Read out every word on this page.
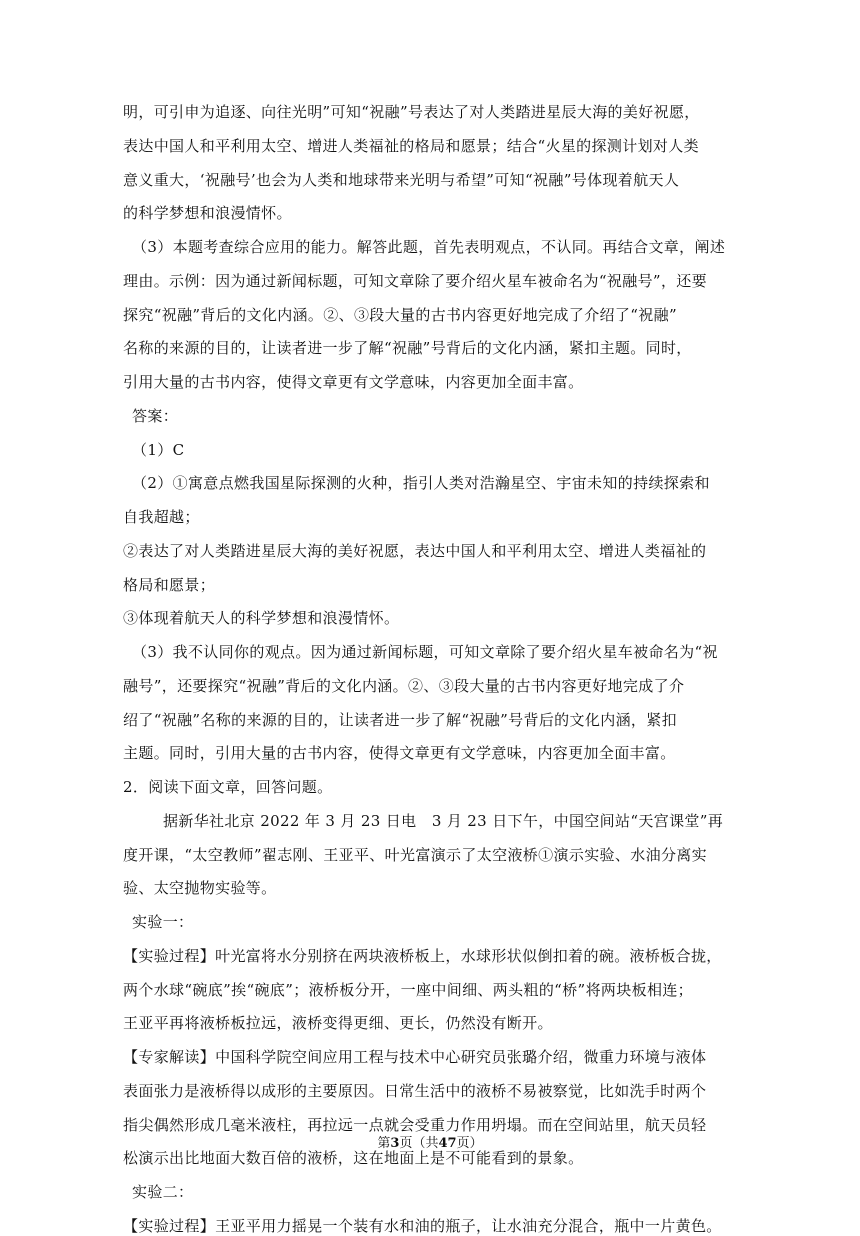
明，可引申为追逐、向往光明”可知“祝融”号表达了对人类踏进星辰大海的美好祝愿，
表达中国人和平利用太空、增进人类福祉的格局和愿景；结合“火星的探测计划对人类
意义重大，‘祝融号’也会为人类和地球带来光明与希望”可知“祝融”号体现着航天人
的科学梦想和浪漫情怀。
（3）本题考查综合应用的能力。解答此题，首先表明观点，不认同。再结合文章，阐述
理由。示例：因为通过新闻标题，可知文章除了要介绍火星车被命名为“祝融号”，还要
探究“祝融”背后的文化内涵。②、③段大量的古书内容更好地完成了介绍了“祝融”
名称的来源的目的，让读者进一步了解“祝融”号背后的文化内涵，紧扣主题。同时，
引用大量的古书内容，使得文章更有文学意味，内容更加全面丰富。
答案：
（1）C
（2）①寓意点燃我国星际探测的火种，指引人类对浩瀚星空、宇宙未知的持续探索和
自我超越；
②表达了对人类踏进星辰大海的美好祝愿，表达中国人和平利用太空、增进人类福祉的
格局和愿景；
③体现着航天人的科学梦想和浪漫情怀。
（3）我不认同你的观点。因为通过新闻标题，可知文章除了要介绍火星车被命名为“祝
融号”，还要探究“祝融”背后的文化内涵。②、③段大量的古书内容更好地完成了介
绍了“祝融”名称的来源的目的，让读者进一步了解“祝融”号背后的文化内涵，紧扣
主题。同时，引用大量的古书内容，使得文章更有文学意味，内容更加全面丰富。
2．阅读下面文章，回答问题。
据新华社北京 2022 年 3 月 23 日电　3 月 23 日下午，中国空间站“天宫课堂”再
度开课，“太空教师”翟志刚、王亚平、叶光富演示了太空液桥①演示实验、水油分离实
验、太空抛物实验等。
实验一：
【实验过程】叶光富将水分别挤在两块液桥板上，水球形状似倒扣着的碗。液桥板合拢，
两个水球“碗底”挨“碗底”；液桥板分开，一座中间细、两头粗的“桥”将两块板相连；
王亚平再将液桥板拉远，液桥变得更细、更长，仍然没有断开。
【专家解读】中国科学院空间应用工程与技术中心研究员张璐介绍，微重力环境与液体
表面张力是液桥得以成形的主要原因。日常生活中的液桥不易被察觉，比如洗手时两个
指尖偶然形成几毫米液柱，再拉远一点就会受重力作用坍塌。而在空间站里，航天员轻
松演示出比地面大数百倍的液桥，这在地面上是不可能看到的景象。
实验二：
【实验过程】王亚平用力摇晃一个装有水和油的瓶子，让水油充分混合，瓶中一片黄色。
第3页（共47页）
